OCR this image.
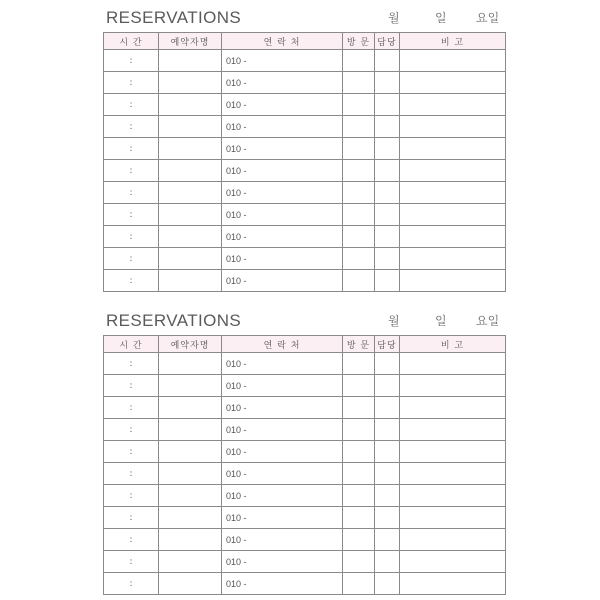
RESERVATIONS	월	일 요일
시 간	예약자명	연 락 처	방 문	담당	비 고
:		010 -			
:		010 -			
:		010 -			
:		010 -			
:		010 -			
:		010 -			
:		010 -			
:		010 -			
:		010 -			
:		010 -			
:		010 -			
RESERVATIONS	월	일 요일
시 간	예약자명	연 락 처	방 문	담당	비 고
:		010 -			
:		010 -			
:		010 -			
:		010 -			
:		010 -			
:		010 -			
:		010 -			
:		010 -			
:		010 -			
:		010 -			
:		010 -			
